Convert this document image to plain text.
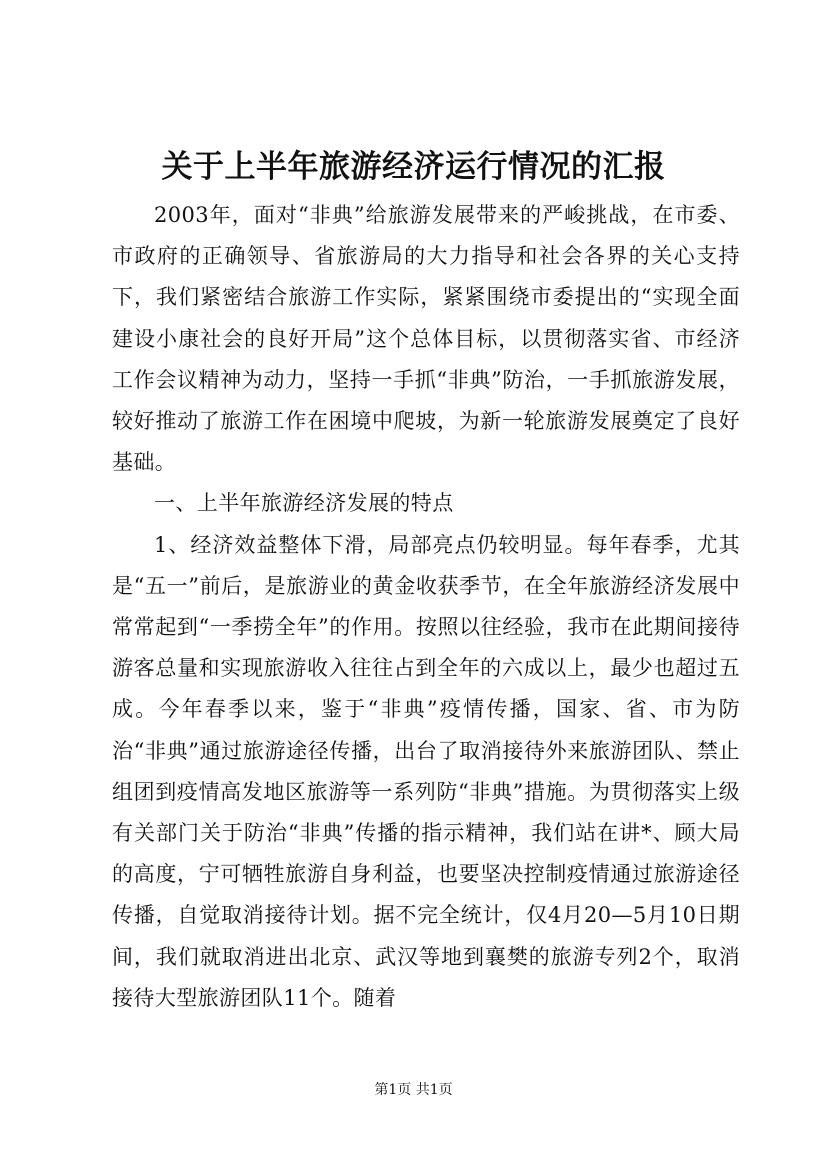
关于上半年旅游经济运行情况的汇报

2003年，面对“非典”给旅游发展带来的严峻挑战，在市委、市政府的正确领导、省旅游局的大力指导和社会各界的关心支持下，我们紧密结合旅游工作实际，紧紧围绕市委提出的“实现全面建设小康社会的良好开局”这个总体目标，以贯彻落实省、市经济工作会议精神为动力，坚持一手抓“非典”防治，一手抓旅游发展，较好推动了旅游工作在困境中爬坡，为新一轮旅游发展奠定了良好基础。

一、上半年旅游经济发展的特点

1、经济效益整体下滑，局部亮点仍较明显。每年春季，尤其是“五一”前后，是旅游业的黄金收获季节，在全年旅游经济发展中常常起到“一季捞全年”的作用。按照以往经验，我市在此期间接待游客总量和实现旅游收入往往占到全年的六成以上，最少也超过五成。今年春季以来，鉴于“非典”疫情传播，国家、省、市为防治“非典”通过旅游途径传播，出台了取消接待外来旅游团队、禁止组团到疫情高发地区旅游等一系列防“非典”措施。为贯彻落实上级有关部门关于防治“非典”传播的指示精神，我们站在讲*、顾大局的高度，宁可牺牲旅游自身利益，也要坚决控制疫情通过旅游途径传播，自觉取消接待计划。据不完全统计，仅4月20—5月10日期间，我们就取消进出北京、武汉等地到襄樊的旅游专列2个，取消接待大型旅游团队11个。随着

第1页 共1页
